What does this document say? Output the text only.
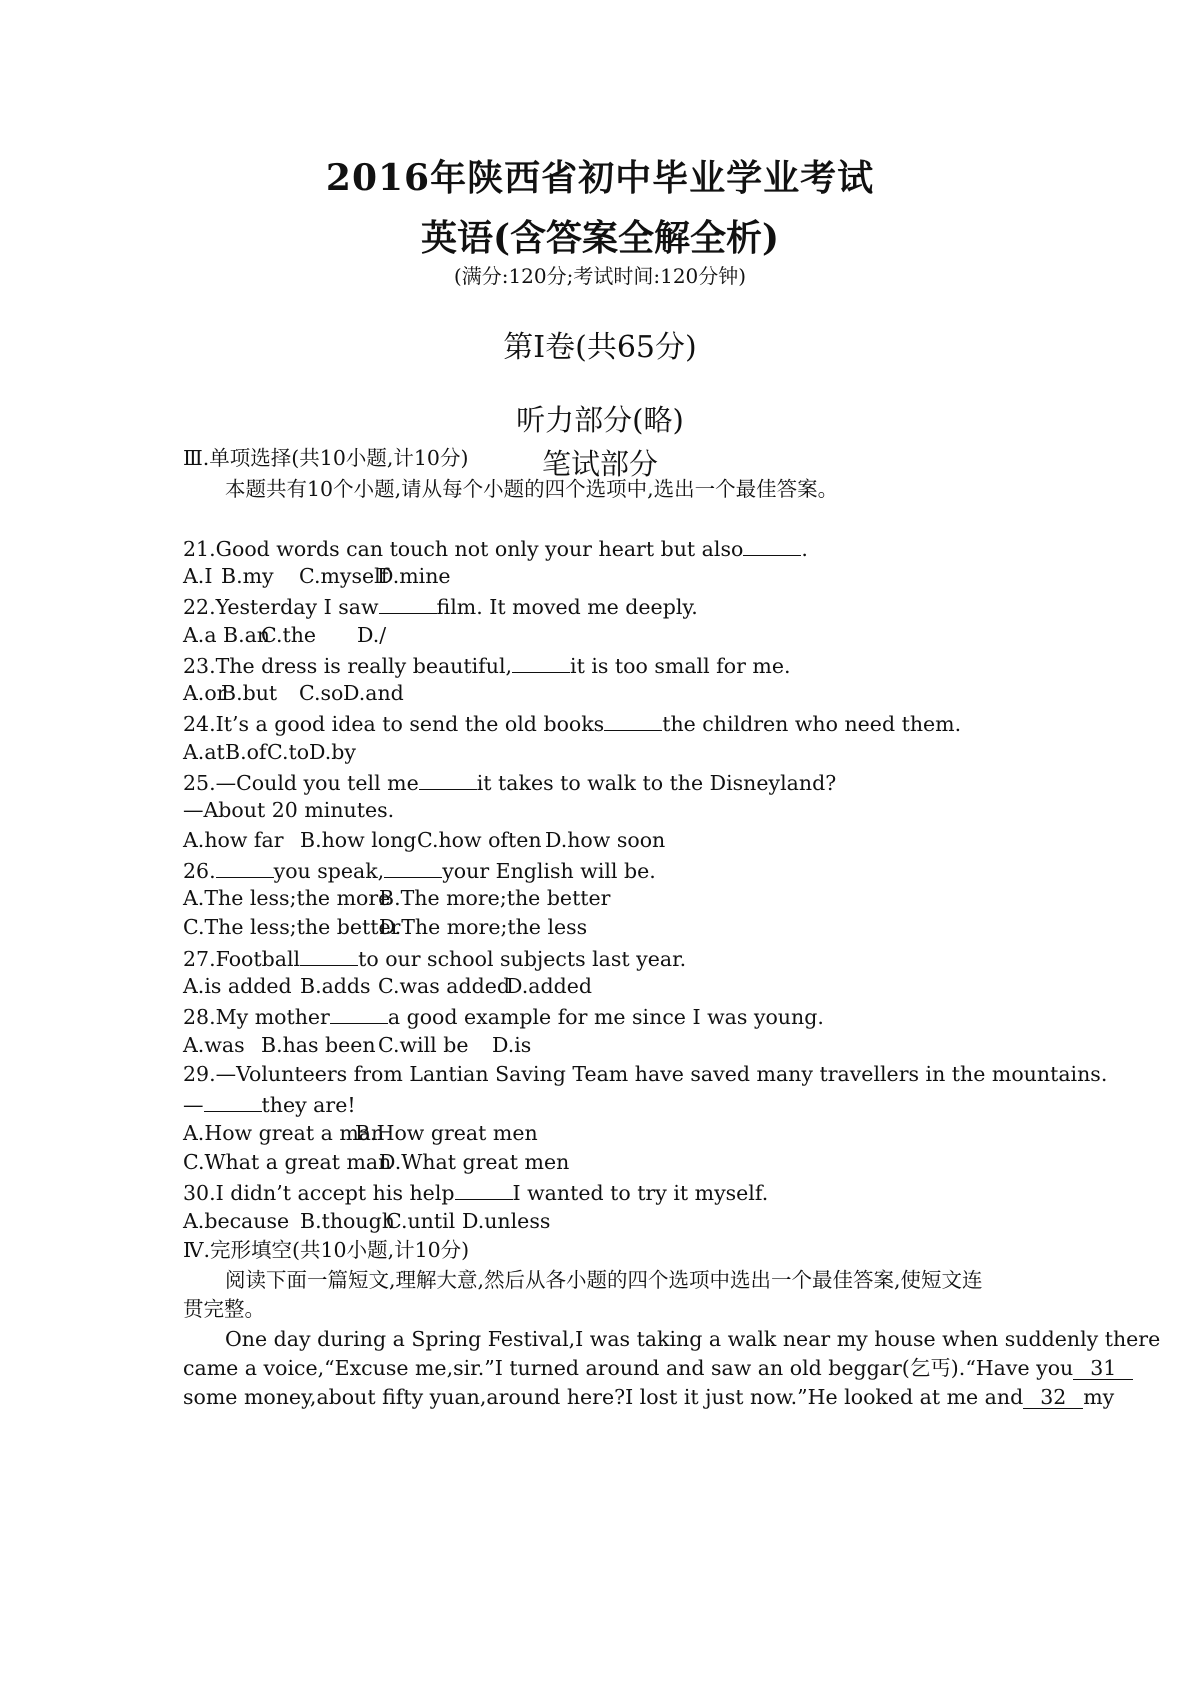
2016年陕西省初中毕业学业考试
英语(含答案全解全析)
(满分:120分;考试时间:120分钟)
第Ⅰ卷(共65分)
听力部分(略)
笔试部分
Ⅲ.单项选择(共10小题,计10分)
本题共有10个小题,请从每个小题的四个选项中,选出一个最佳答案。
21.Good words can touch not only your heart but also	.
A.I B.my C.myselfD.mine
22.Yesterday I saw	film. It moved me deeply.
A.a B.anC.the D./
23.The dress is really beautiful,	it is too small for me.
A.orB.but C.soD.and
24.It’s a good idea to send the old books	the children who need them.
A.atB.ofC.toD.by
25.—Could you tell me	it takes to walk to the Disneyland?
—About 20 minutes.
A.how far B.how longC.how often D.how soon
26.	you speak,	your English will be.
A.The less;the moreB.The more;the better
C.The less;the betterD.The more;the less
27.Football	to our school subjects last year.
A.is added B.adds C.was addedD.added
28.My mother	a good example for me since I was young.
A.was B.has been C.will be D.is
29.—Volunteers from Lantian Saving Team have saved many travellers in the mountains.
—	they are!
A.How great a manB.How great men
C.What a great manD.What great men
30.I didn’t accept his help	I wanted to try it myself.
A.because B.thoughC.until D.unless
Ⅳ.完形填空(共10小题,计10分)
阅读下面一篇短文,理解大意,然后从各小题的四个选项中选出一个最佳答案,使短文连
贯完整。
One day during a Spring Festival,I was taking a walk near my house when suddenly there
came a voice,“Excuse me,sir.”I turned around and saw an old beggar(乞丐).“Have you 31
some money,about fifty yuan,around here?I lost it just now.”He looked at me and 32 my
